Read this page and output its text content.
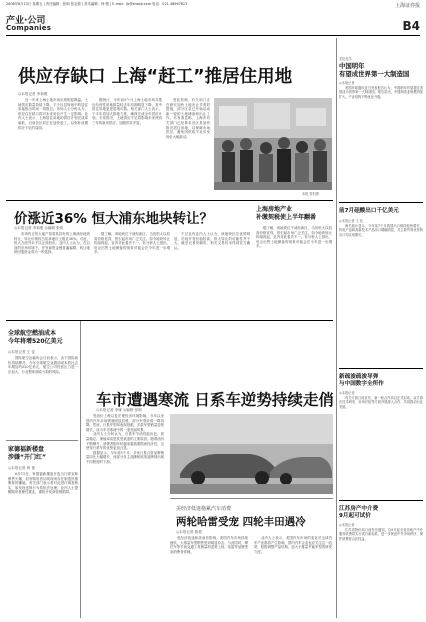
2008年6月13日 星期五 | 责任编辑：张明 张志强 | 美术编辑：徐 骏 | E-mail：jb@shzqb.com 电话：021-38967813	上海证券报
产业·公司
Companies	B4
供应存缺口 上海“赶工”推居住用地
◎本报记者 李和雅

近一年来上海土地市场出现明显降温，土地供应数量持续下降，不少区县规划中的居住用地推出时间一再推迟。市场人士分析认为，供应存在缺口将对未来房价产生一定影响。业内人士表示，上海居住用地的供应计划完成率偏低，目前各区县正在加快赶工，以弥补前期供应不足的局面。

据统计，今年前5个月上海土地市场共推出经营性用地数量较去年同期明显下降，其中居住用地更是屈指可数。相关部门人士表示，下半年将加大推地力度，确保完成全年供应计划。专家指出，土地供应不足将影响未来两到三年的新房供应，加剧供求矛盾。

受此影响，有关部门正在研究加快土地出让节奏的措施，部分区县已开始启动新一轮的土地储备和出让工作。另有消息称，上海市有关部门已经要求各区县加快推出居住用地，以保障市场供应，避免因供给不足引发房价大幅波动。

本报 资料图
价涨近36% 恒大浦东地块转让？
◎本报记者 李和雅 ◎编辑 张明

市场传言恒大地产拟将其持有的上海浦东地块转让，转让价格较当初拿地价上涨近36%。对此，恒大方面并未予以正面回应。业内人士认为，在目前的市场环境下，开发商资金链普遍偏紧，转让地块回笼资金成为一种选择。

据了解，该地块位于浦东新区，当初恒大以较高价格竞得，曾引起市场广泛关注。如今地块转让传闻再起，业内对此看法不一。有分析人士指出，房企出售土地储备的现象可能会在今年进一步增多。

不过也有业内人士认为，该地块区位优势明显，后续开发价值较高，恒大转让的可能性并不大。截至记者发稿时，相关交易仍未得到官方确认。

上海房地产业
补缴契税使上半年翻番

据了解，该地块位于浦东新区，当初恒大以较高价格竞得，曾引起市场广泛关注。如今地块转让传闻再起，业内对此看法不一。有分析人士指出，房企出售土地储备的现象可能会在今年进一步增多。

全球航空燃油成本
今年将增520亿美元
◎本报记者 王 佳

国际航空运输协会日前表示，由于国际油价持续攀升，今年全球航空业燃油成本将比去年增加约520亿美元，航空公司经营压力进一步加大，行业整体面临亏损的风险。

家德福新楼盘
涉嫌“开门红”
◎本报记者 黄 蕾

6月11日，家德福新楼盘开盘当日即宣称销售火爆，但有购房者反映现场存在制造热销假象的嫌疑。有关部门表示将对此进行调查核实，如发现违规行为将依法处理。业内人士提醒购房者理性置业，谨防开发商营销陷阱。

车市遭遇寒流 日系车逆势持续走俏
◎本报记者 李雁 ◎编辑 张明

受油价上涨以及宏观经济环境影响，今年以来国内汽车市场增速明显放缓，部分车型价格一降再降。然而，日系车型却表现抢眼，多款车型销量逆势增长，成为车市寒流中的一道亮丽风景。

业内人士分析认为，日系车节油性能出色、质量稳定、保值率高是其受欢迎的主要原因。随着油价不断攀升，消费者购车时越来越看重燃油经济性，这使得日系车的优势更加凸显。

数据显示，今年前5个月，多家日系合资品牌销量同比大幅增长，而部分自主品牌和欧美品牌则出现不同程度的下滑。

美经济低迷拖累汽车消费
两轮哈雷受宠 四轮丰田遇冷
◎本报记者 陈强

受经济低迷和高油价影响，美国汽车市场持续疲软，大排量车型销售受到明显冲击。与此同时，摩托车等节油交通工具销量却逆势上扬，哈雷等品牌受到消费者青睐。

业内人士表示，美国汽车市场的变化对全球汽车产业都将产生影响，国内汽车企业也应关注这一趋势，积极调整产品结构，加大小排量节能车型的研发力度。

龙虹化学
中国明年
有望成世界第一大制造国
◎本报记者

美国环球通讯近日发表报告认为，中国明年有望超过美国成为世界第一大制造国。报告指出，中国制造业规模持续扩大，产业结构不断优化升级。

前7月硅酸出口千亿美元
◎本报记者 王 佳

海关统计显示，今年前7个月我国出口保持较快增长，机电产品和高新技术产品出口增幅明显，对主要贸易伙伴的出口均实现增长。

新疏浚疏浚导弹
与中国数字全所作
◎本报记者

有关方面日前宣布，新一轮合作项目正式启动，双方将在技术研发、市场开拓等方面开展深入合作，共同推动行业发展。

江苏房产中介费
9月起可试价
◎本报记者

江苏省物价局日前发布通知，自9月起全省房地产中介服务收费将实行试行新标准，进一步规范中介市场秩序，保护消费者合法权益。
